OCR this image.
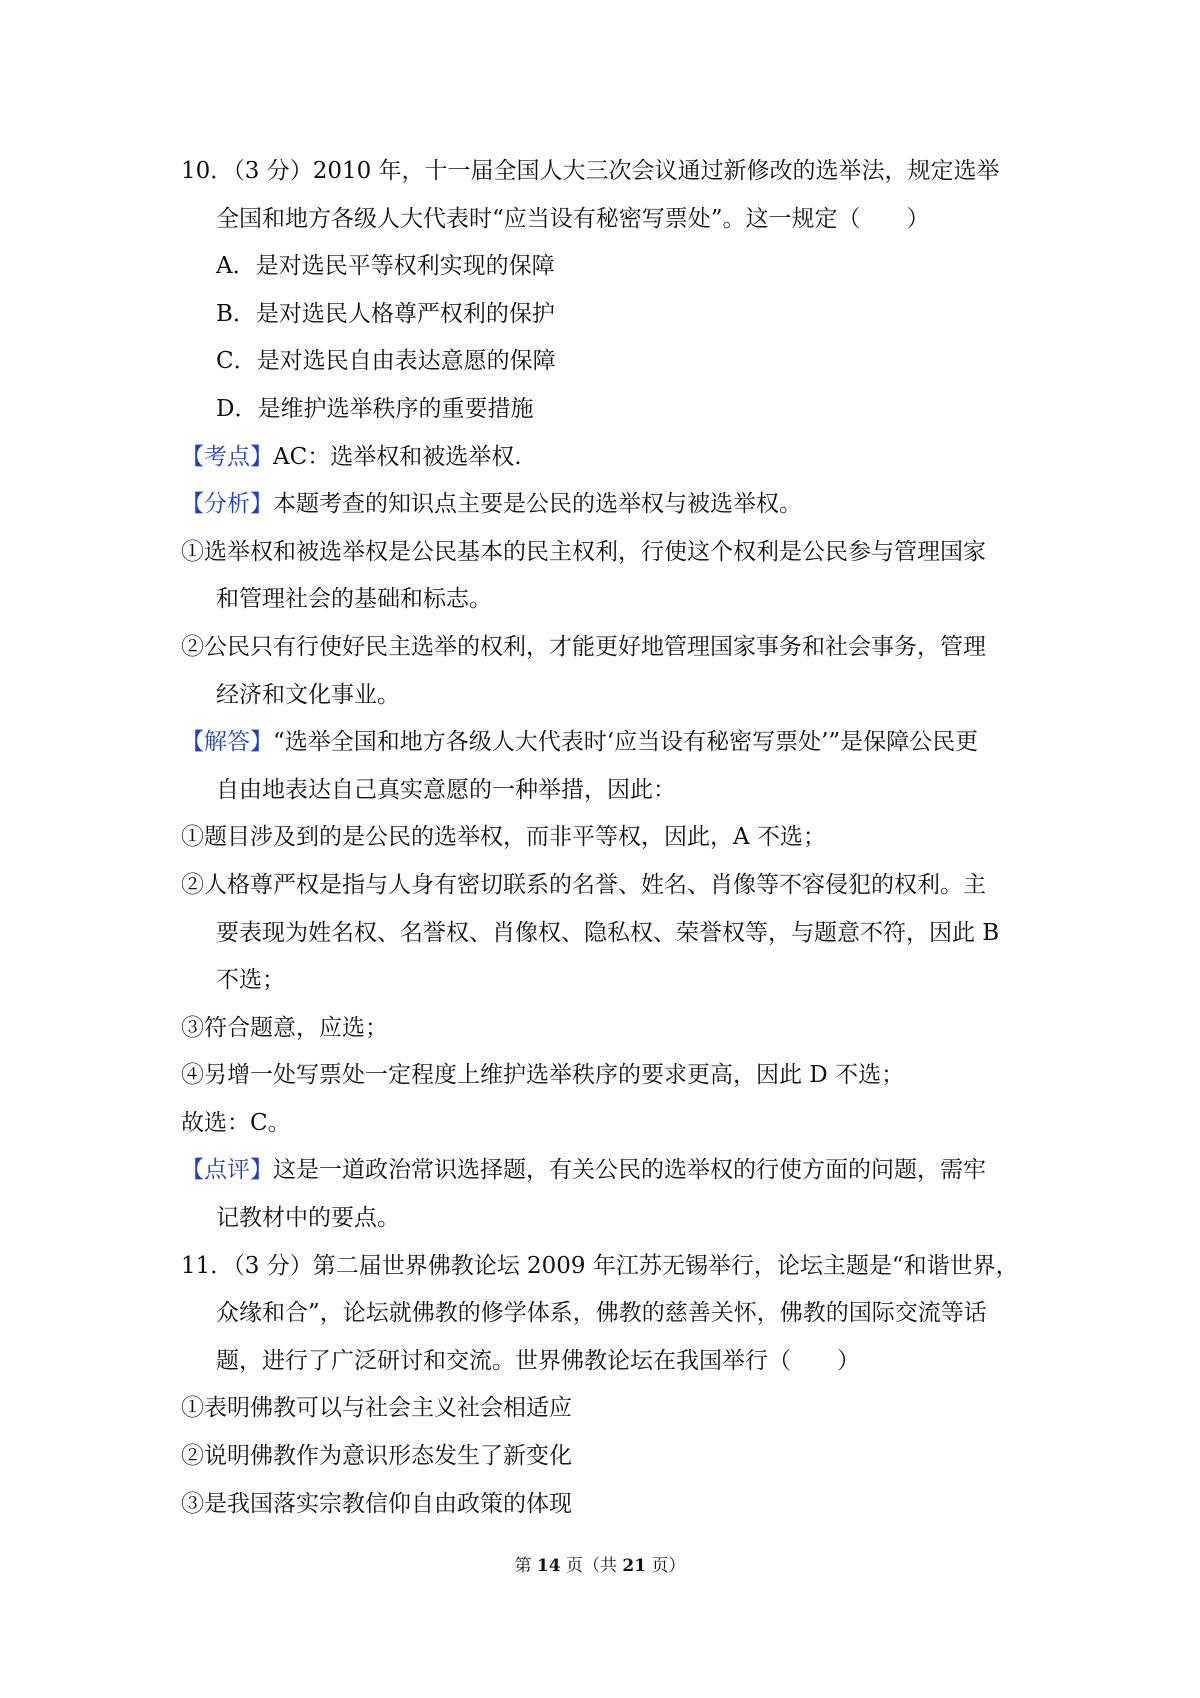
10．（3 分）2010 年，十一届全国人大三次会议通过新修改的选举法，规定选举
全国和地方各级人大代表时“应当设有秘密写票处”。这一规定（　　）
A．是对选民平等权利实现的保障
B．是对选民人格尊严权利的保护
C．是对选民自由表达意愿的保障
D．是维护选举秩序的重要措施
【考点】AC：选举权和被选举权.
【分析】本题考查的知识点主要是公民的选举权与被选举权。
①选举权和被选举权是公民基本的民主权利，行使这个权利是公民参与管理国家
和管理社会的基础和标志。
②公民只有行使好民主选举的权利，才能更好地管理国家事务和社会事务，管理
经济和文化事业。
【解答】“选举全国和地方各级人大代表时‘应当设有秘密写票处’”是保障公民更
自由地表达自己真实意愿的一种举措，因此：
①题目涉及到的是公民的选举权，而非平等权，因此，A 不选；
②人格尊严权是指与人身有密切联系的名誉、姓名、肖像等不容侵犯的权利。主
要表现为姓名权、名誉权、肖像权、隐私权、荣誉权等，与题意不符，因此 B
不选；
③符合题意，应选；
④另增一处写票处一定程度上维护选举秩序的要求更高，因此 D 不选；
故选：C。
【点评】这是一道政治常识选择题，有关公民的选举权的行使方面的问题，需牢
记教材中的要点。
11．（3 分）第二届世界佛教论坛 2009 年江苏无锡举行，论坛主题是“和谐世界，
众缘和合”，论坛就佛教的修学体系，佛教的慈善关怀，佛教的国际交流等话
题，进行了广泛研讨和交流。世界佛教论坛在我国举行（　　）
①表明佛教可以与社会主义社会相适应
②说明佛教作为意识形态发生了新变化
③是我国落实宗教信仰自由政策的体现
第 14 页（共 21 页）
